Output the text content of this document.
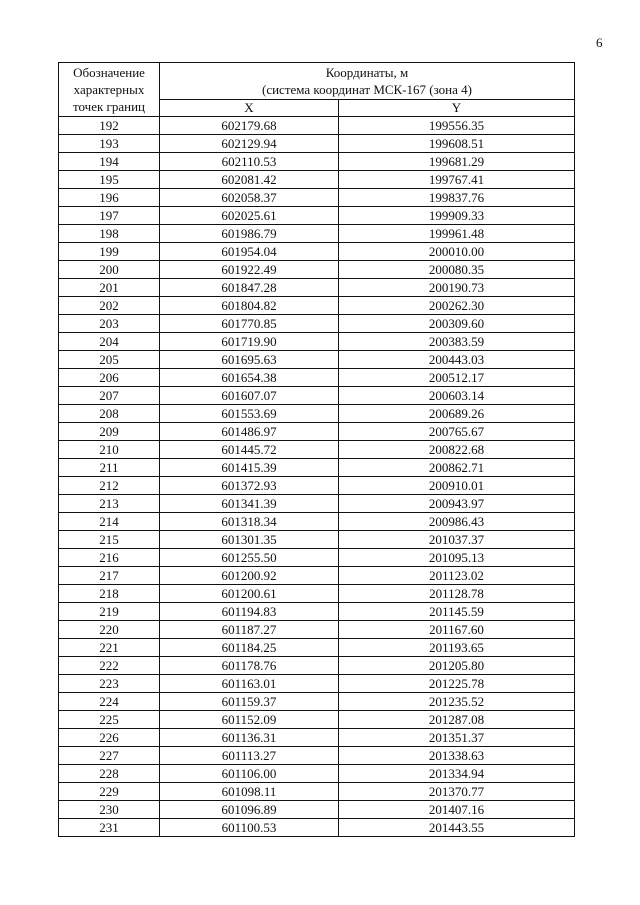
6
Обозначение
характерных
точек границ	Координаты, м
(система координат МСК-167 (зона 4)	

	X	Y
192	602179.68	199556.35
193	602129.94	199608.51
194	602110.53	199681.29
195	602081.42	199767.41
196	602058.37	199837.76
197	602025.61	199909.33
198	601986.79	199961.48
199	601954.04	200010.00
200	601922.49	200080.35
201	601847.28	200190.73
202	601804.82	200262.30
203	601770.85	200309.60
204	601719.90	200383.59
205	601695.63	200443.03
206	601654.38	200512.17
207	601607.07	200603.14
208	601553.69	200689.26
209	601486.97	200765.67
210	601445.72	200822.68
211	601415.39	200862.71
212	601372.93	200910.01
213	601341.39	200943.97
214	601318.34	200986.43
215	601301.35	201037.37
216	601255.50	201095.13
217	601200.92	201123.02
218	601200.61	201128.78
219	601194.83	201145.59
220	601187.27	201167.60
221	601184.25	201193.65
222	601178.76	201205.80
223	601163.01	201225.78
224	601159.37	201235.52
225	601152.09	201287.08
226	601136.31	201351.37
227	601113.27	201338.63
228	601106.00	201334.94
229	601098.11	201370.77
230	601096.89	201407.16
231	601100.53	201443.55
